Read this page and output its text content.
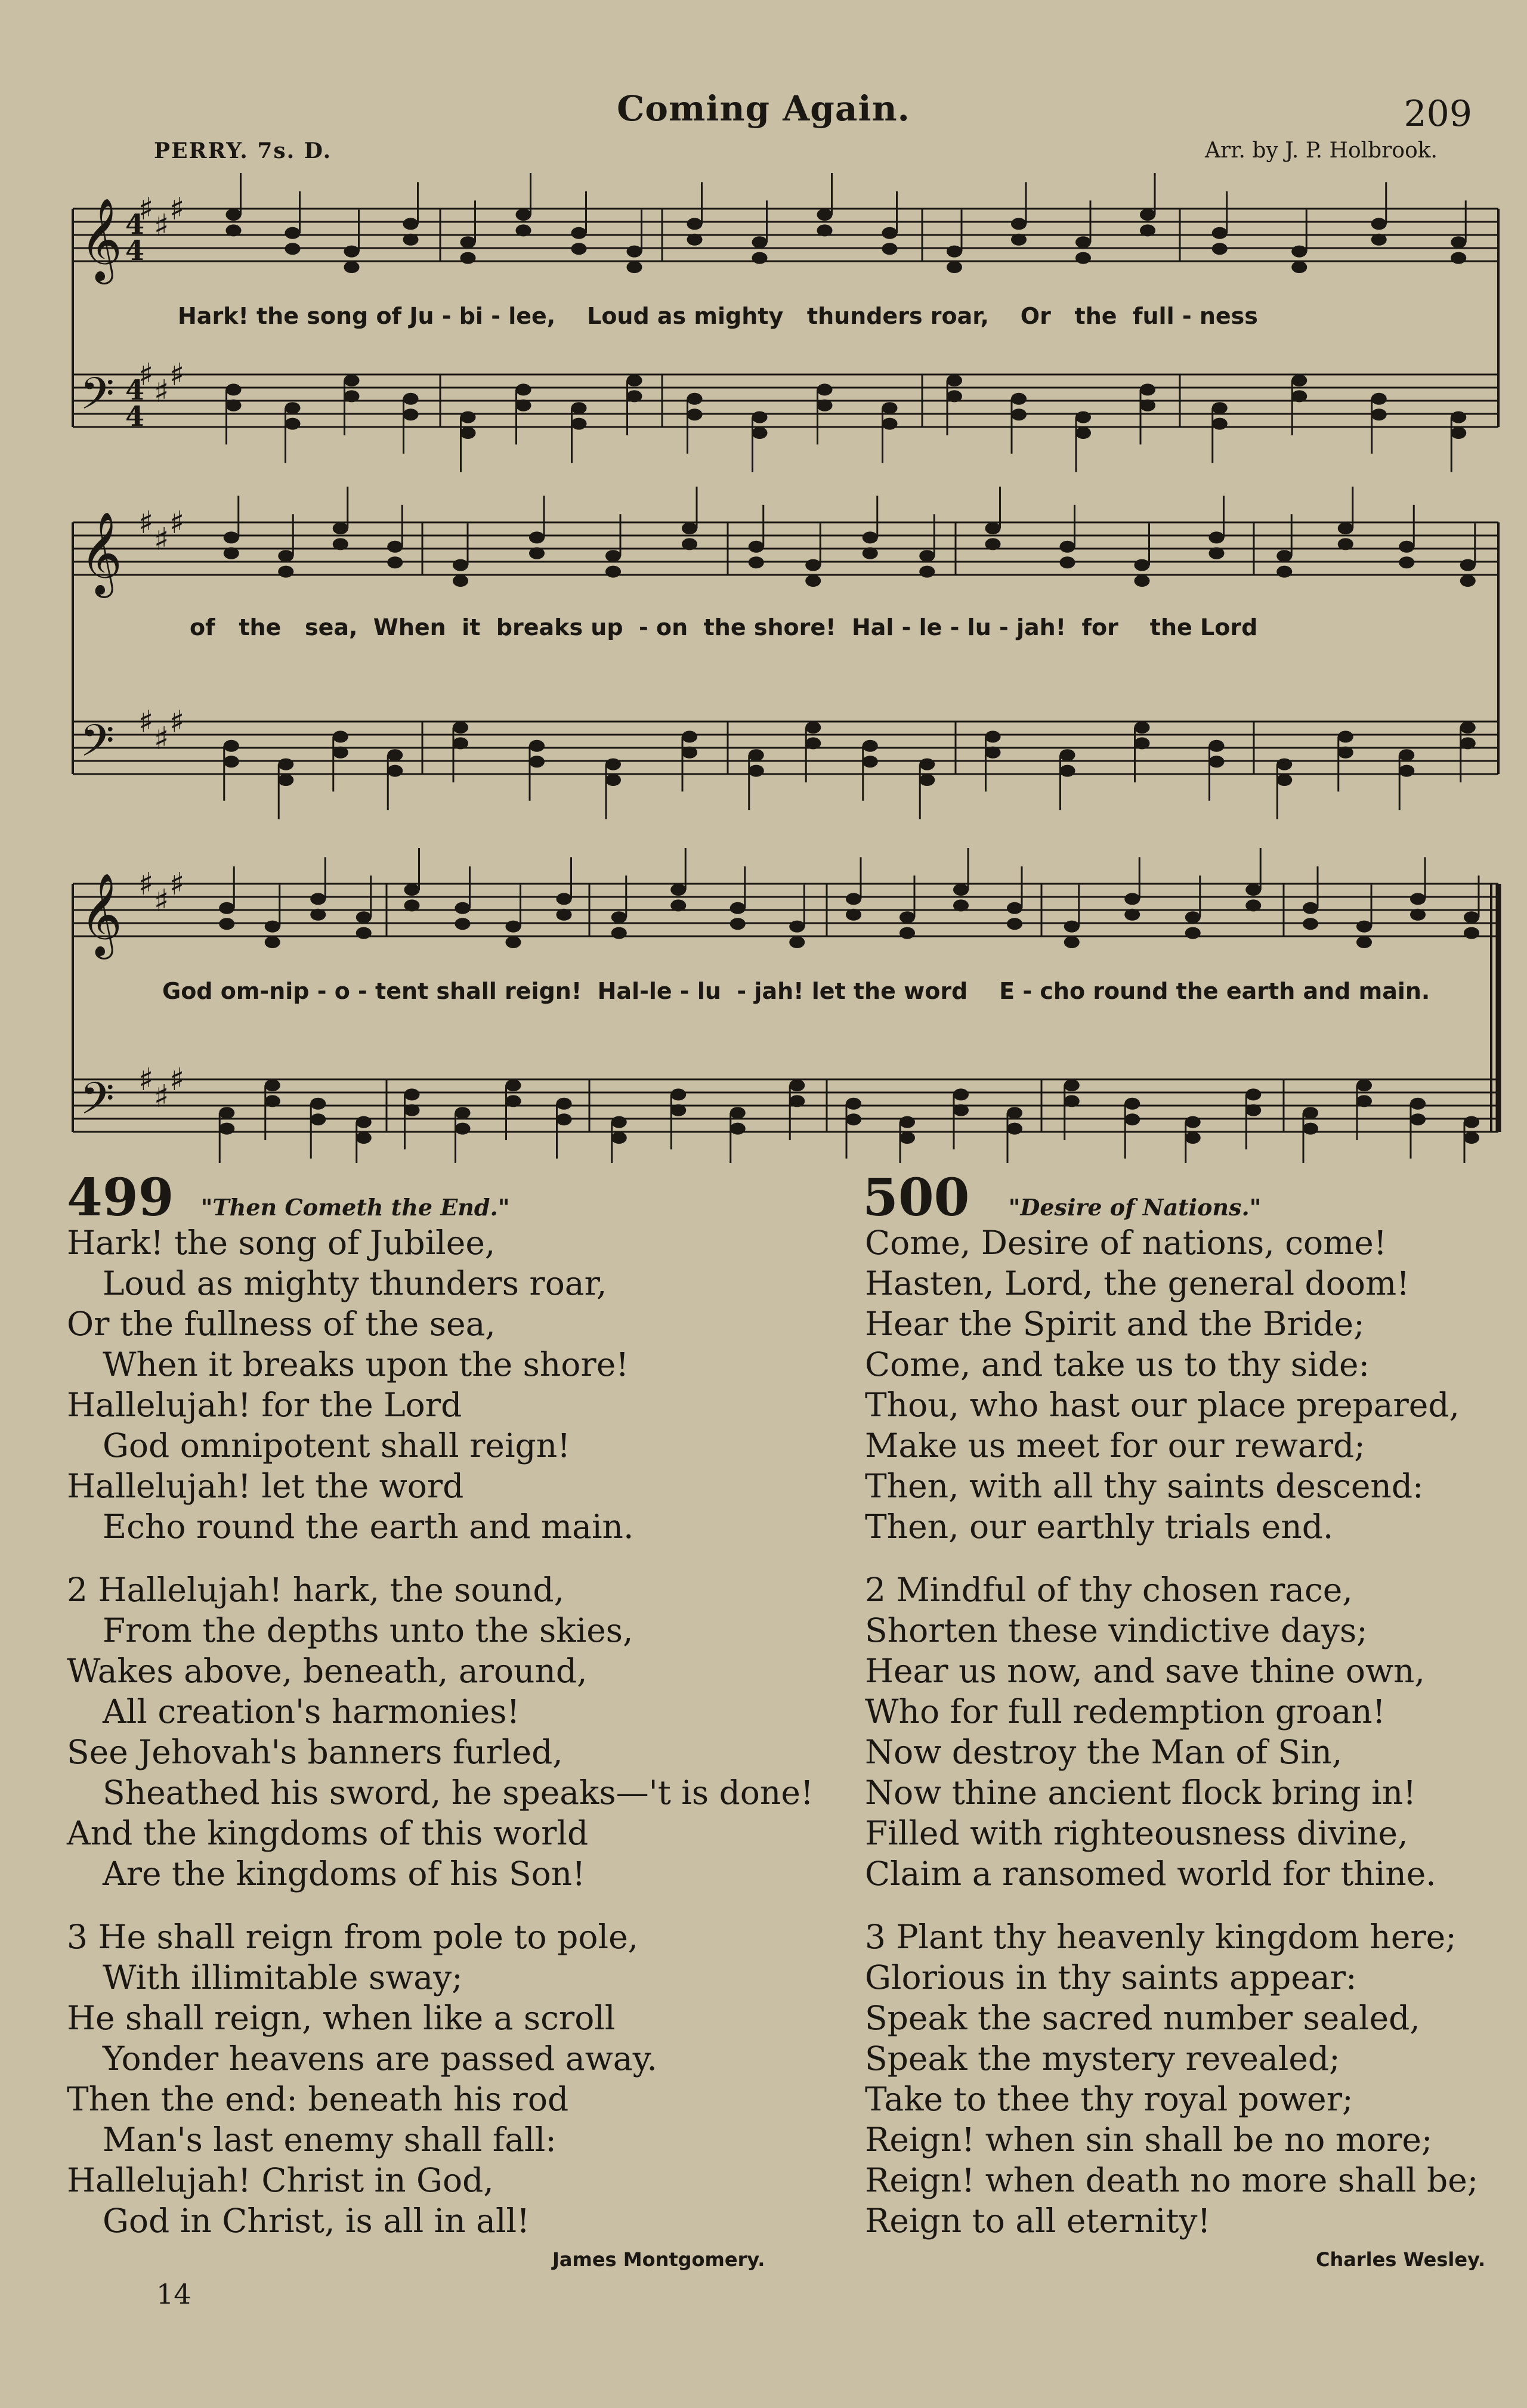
Coming Again.	209
PERRY. 7s. D.	Arr. by J. P. Holbrook.
𝄞 ♯ ♯ ♯
𝄢 ♯ ♯ ♯
𝄞 ♯ ♯ ♯
𝄢 ♯ ♯ ♯
𝄞 ♯ ♯ ♯
𝄢 ♯ ♯ ♯
4
4
4
4
Hark! the song of Ju - bi - lee,    Loud as mighty   thunders roar,    Or   the  full - ness
of   the   sea,  When  it  breaks up  - on  the shore!  Hal - le - lu - jah!  for    the Lord
God om-nip - o - tent shall reign!  Hal-le - lu  - jah! let the word    E - cho round the earth and main.
499 "Then Cometh the End."
Hark! the song of Jubilee,
Loud as mighty thunders roar,
Or the fullness of the sea,
When it breaks upon the shore!
Hallelujah! for the Lord
God omnipotent shall reign!
Hallelujah! let the word
Echo round the earth and main.
2 Hallelujah! hark, the sound,
From the depths unto the skies,
Wakes above, beneath, around,
All creation's harmonies!
See Jehovah's banners furled,
Sheathed his sword, he speaks—'t is done!
And the kingdoms of this world
Are the kingdoms of his Son!
3 He shall reign from pole to pole,
With illimitable sway;
He shall reign, when like a scroll
Yonder heavens are passed away.
Then the end: beneath his rod
Man's last enemy shall fall:
Hallelujah! Christ in God,
God in Christ, is all in all!
James Montgomery.
500 "Desire of Nations."
Come, Desire of nations, come!
Hasten, Lord, the general doom!
Hear the Spirit and the Bride;
Come, and take us to thy side:
Thou, who hast our place prepared,
Make us meet for our reward;
Then, with all thy saints descend:
Then, our earthly trials end.
2 Mindful of thy chosen race,
Shorten these vindictive days;
Hear us now, and save thine own,
Who for full redemption groan!
Now destroy the Man of Sin,
Now thine ancient flock bring in!
Filled with righteousness divine,
Claim a ransomed world for thine.
3 Plant thy heavenly kingdom here;
Glorious in thy saints appear:
Speak the sacred number sealed,
Speak the mystery revealed;
Take to thee thy royal power;
Reign! when sin shall be no more;
Reign! when death no more shall be;
Reign to all eternity!
Charles Wesley.
14
